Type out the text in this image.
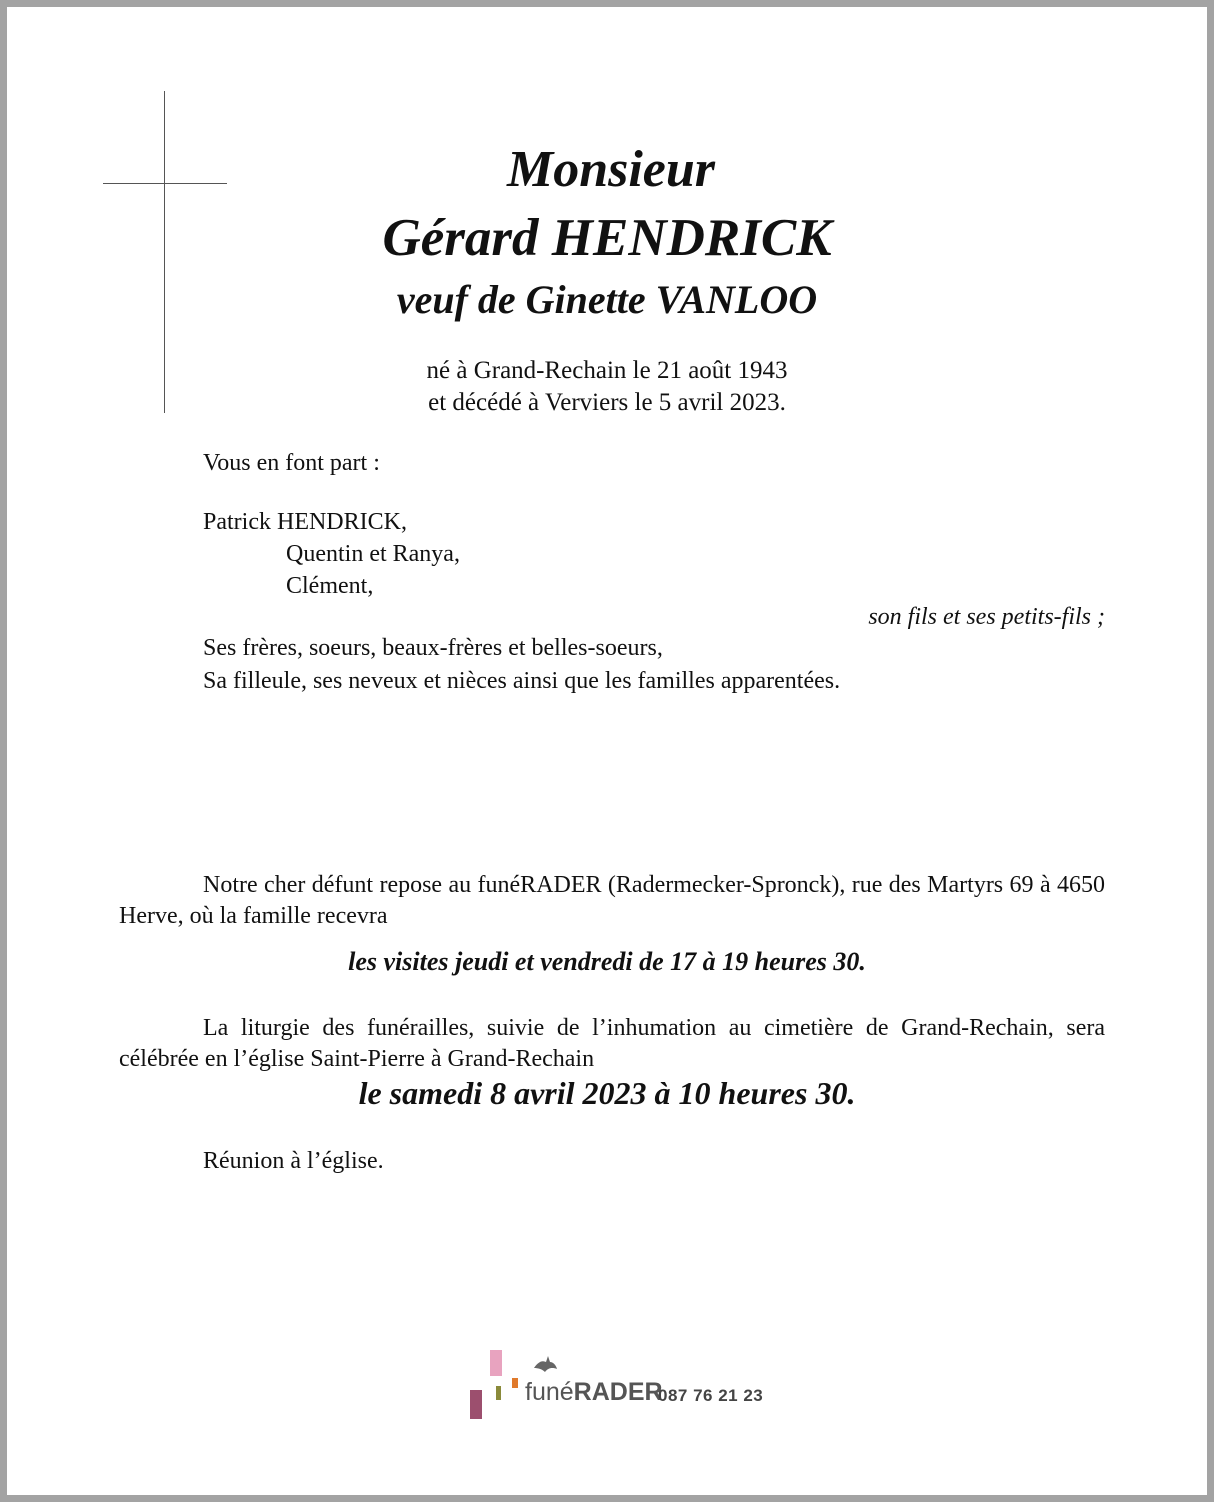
Monsieur
Gérard HENDRICK
veuf de Ginette VANLOO
né à Grand-Rechain le 21 août 1943
et décédé à Verviers le 5 avril 2023.
Vous en font part :
Patrick HENDRICK,
Quentin et Ranya,
Clément,
son fils et ses petits-fils ;
Ses frères, soeurs, beaux-frères et belles-soeurs,
Sa filleule, ses neveux et nièces ainsi que les familles apparentées.
Notre cher défunt repose au funéRADER (Radermecker-Spronck), rue des Martyrs 69 à 4650 Herve, où la famille recevra
les visites jeudi et vendredi de 17 à 19 heures 30.
La liturgie des funérailles, suivie de l’inhumation au cimetière de Grand-Rechain, sera célébrée en l’église Saint-Pierre à Grand-Rechain
le samedi 8 avril 2023 à 10 heures 30.
Réunion à l’église.
funéRADER
087 76 21 23
